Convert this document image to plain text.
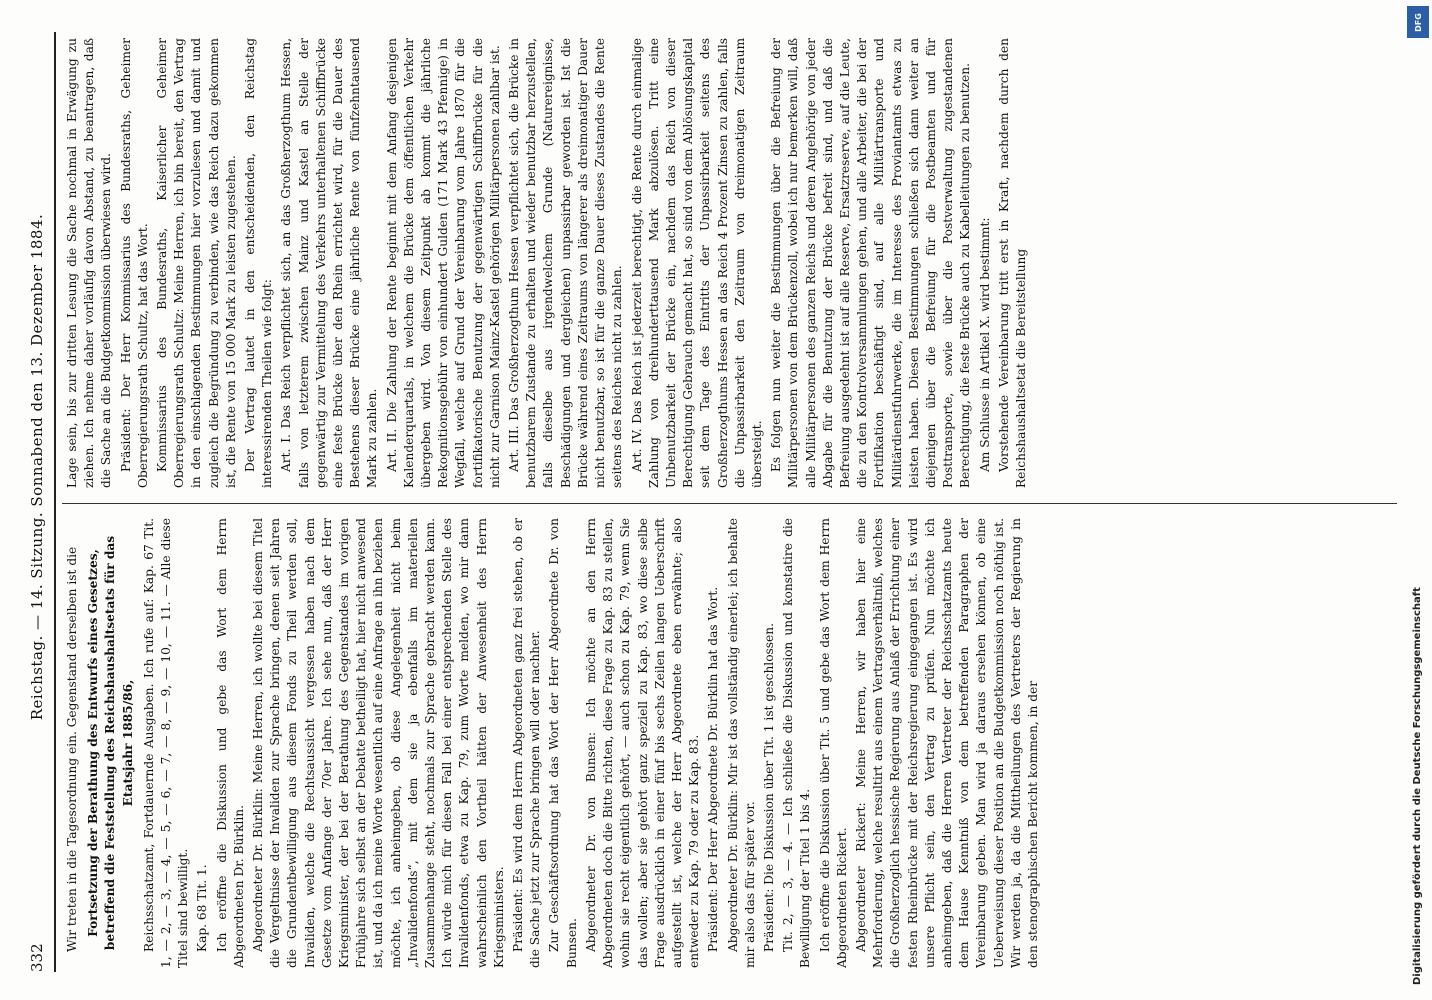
332
Reichstag. — 14. Sitzung. Sonnabend den 13. Dezember 1884.

Wir treten in die Tagesordnung ein. Gegenstand derselben ist die Fortsetzung der Berathung des Entwurfs eines Gesetzes, betreffend die Feststellung des Reichshaushaltsetats für das Etatsjahr 1885/86, Reichsschatzamt, Fortdauernde Ausgaben. Ich rufe auf: Kap. 67 Tit. 1, — 2, — 3, — 4, — 5, — 6, — 7, — 8, — 9, — 10, — 11. — Alle diese Titel sind bewilligt. Kap. 68 Tit. 1. Ich eröffne die Diskussion und gebe das Wort dem Herrn Abgeordneten Dr. Bürklin. Abgeordneter Dr. Bürklin: Meine Herren, ich wollte bei diesem Titel die Vergeltnisse der Invaliden zur Sprache bringen, denen seit Jahren die Grundentbewilligung aus diesem Fonds zu Theil werden soll, Invaliden, welche die Rechtsaussicht vergessen haben nach dem Gesetze vom Anfange der 70er Jahre. Ich sehe nun, daß der Herr Kriegsminister, der bei der Berathung des Gegenstandes im vorigen Frühjahre sich selbst an der Debatte betheiligt hat, hier nicht anwesend ist, und da ich meine Worte wesentlich auf eine Anfrage an ihn beziehen möchte, ich anheimgeben, ob diese Angelegenheit nicht beim „Invalidenfonds“, mit dem sie ja ebenfalls im materiellen Zusammenhange steht, nochmals zur Sprache gebracht werden kann. Ich würde mich für diesen Fall bei einer entsprechenden Stelle des Invalidenfonds, etwa zu Kap. 79, zum Worte melden, wo mir dann wahrscheinlich den Vortheil hätten der Anwesenheit des Herrn Kriegsministers. Präsident: Es wird dem Herrn Abgeordneten ganz frei stehen, ob er die Sache jetzt zur Sprache bringen will oder nachher. Zur Geschäftsordnung hat das Wort der Herr Abgeordnete Dr. von Bunsen. Abgeordneter Dr. von Bunsen: Ich möchte an den Herrn Abgeordneten doch die Bitte richten, diese Frage zu Kap. 83 zu stellen, wohin sie recht eigentlich gehört, — auch schon zu Kap. 79, wenn Sie das wollen; aber sie gehört ganz speziell zu Kap. 83, wo diese selbe Frage ausdrücklich in einer fünf bis sechs Zeilen langen Ueberschrift aufgestellt ist, welche der Herr Abgeordnete eben erwähnte; also entweder zu Kap. 79 oder zu Kap. 83. Präsident: Der Herr Abgeordnete Dr. Bürklin hat das Wort. Abgeordneter Dr. Bürklin: Mir ist das vollständig einerlei; ich behalte mir also das für später vor. Präsident: Die Diskussion über Tit. 1 ist geschlossen. Tit. 2, — 3, — 4. — Ich schließe die Diskussion und konstatire die Bewilligung der Titel 1 bis 4. Ich eröffne die Diskussion über Tit. 5 und gebe das Wort dem Herrn Abgeordneten Rickert. Abgeordneter Rickert: Meine Herren, wir haben hier eine Mehrforderung, welche resultirt aus einem Vertragsverhältniß, welches die Großherzoglich hessische Regierung aus Anlaß der Errichtung einer festen Rheinbrücke mit der Reichsregierung eingegangen ist. Es wird unsere Pflicht sein, den Vertrag zu prüfen. Nun möchte ich anheimgeben, daß die Herren Vertreter der Reichsschatzamts heute dem Hause Kenntniß von dem betreffenden Paragraphen der Vereinbarung geben. Man wird ja daraus ersehen können, ob eine Ueberweisung dieser Position an die Budgetkommission noch nöthig ist. Wir werden ja, da die Mittheilungen des Vertreters der Regierung in den stenographischen Bericht kommen, in der

Lage sein, bis zur dritten Lesung die Sache nochmal in Erwägung zu ziehen. Ich nehme daher vorläufig davon Abstand, zu beantragen, daß die Sache an die Budgetkommission überwiesen wird. Präsident: Der Herr Kommissarius des Bundesraths, Geheimer Oberregierungsrath Schultz, hat das Wort. Kommissarius des Bundesraths, Kaiserlicher Geheimer Oberregierungsrath Schultz: Meine Herren, ich bin bereit, den Vertrag in den einschlagenden Bestimmungen hier vorzulesen und damit und zugleich die Begründung zu verbinden, wie das Reich dazu gekommen ist, die Rente von 15 000 Mark zu leisten zugestehen. Der Vertrag lautet in den entscheidenden, den Reichstag interessirenden Theilen wie folgt: Art. I. Das Reich verpflichtet sich, an das Großherzogthum Hessen, falls von letzterem zwischen Mainz und Kastel an Stelle der gegenwärtig zur Vermittelung des Verkehrs unterhaltenen Schiffbrücke eine feste Brücke über den Rhein errichtet wird, für die Dauer des Bestehens dieser Brücke eine jährliche Rente von fünfzehntausend Mark zu zahlen. Art. II. Die Zahlung der Rente beginnt mit dem Anfang desjenigen Kalenderquartals, in welchem die Brücke dem öffentlichen Verkehr übergeben wird. Von diesem Zeitpunkt ab kommt die jährliche Rekognitionsgebühr von einhundert Gulden (171 Mark 43 Pfennige) in Wegfall, welche auf Grund der Vereinbarung vom Jahre 1870 für die fortifikatorische Benutzung der gegenwärtigen Schiffbrücke für die nicht zur Garnison Mainz-Kastel gehörigen Militärpersonen zahlbar ist. Art. III. Das Großherzogthum Hessen verpflichtet sich, die Brücke in benutzbarem Zustande zu erhalten und wieder benutzbar herzustellen, falls dieselbe aus irgendwelchem Grunde (Naturereignisse, Beschädigungen und dergleichen) unpassirbar geworden ist. Ist die Brücke während eines Zeitraums von längerer als dreimonatiger Dauer nicht benutzbar, so ist für die ganze Dauer dieses Zustandes die Rente seitens des Reiches nicht zu zahlen. Art. IV. Das Reich ist jederzeit berechtigt, die Rente durch einmalige Zahlung von dreihunderttausend Mark abzulösen. Tritt eine Unbenutzbarkeit der Brücke ein, nachdem das Reich von dieser Berechtigung Gebrauch gemacht hat, so sind von dem Ablösungskapital seit dem Tage des Eintritts der Unpassirbarkeit seitens des Großherzogthums Hessen an das Reich 4 Prozent Zinsen zu zahlen, falls die Unpassirbarkeit den Zeitraum von dreimonatigen Zeitraum übersteigt. Es folgen nun weiter die Bestimmungen über die Befreiung der Militärpersonen von dem Brückenzoll, wobei ich nur bemerken will, daß alle Militärpersonen des ganzen Reichs und deren Angehörige von jeder Abgabe für die Benutzung der Brücke befreit sind, und daß die Befreiung ausgedehnt ist auf alle Reserve, Ersatzreserve, auf die Leute, die zu den Kontrolversammlungen gehen, und alle Arbeiter, die bei der Fortifikation beschäftigt sind, auf alle Militärtransporte und Militärdienstfuhrwerke, die im Interesse des Proviantamts etwas zu leisten haben. Diesen Bestimmungen schließen sich dann weiter an diejenigen über die Befreiung für die Postbeamten und für Posttransporte, sowie über die Postverwaltung zugestandenen Berechtigung, die feste Brücke auch zu Kabelleitungen zu benutzen. Am Schlusse in Artikel X. wird bestimmt: Vorstehende Vereinbarung tritt erst in Kraft, nachdem durch den Reichshaushaltsetat die Bereitstellung

DFG
Digitalisierung gefördert durch die Deutsche Forschungsgemeinschaft
